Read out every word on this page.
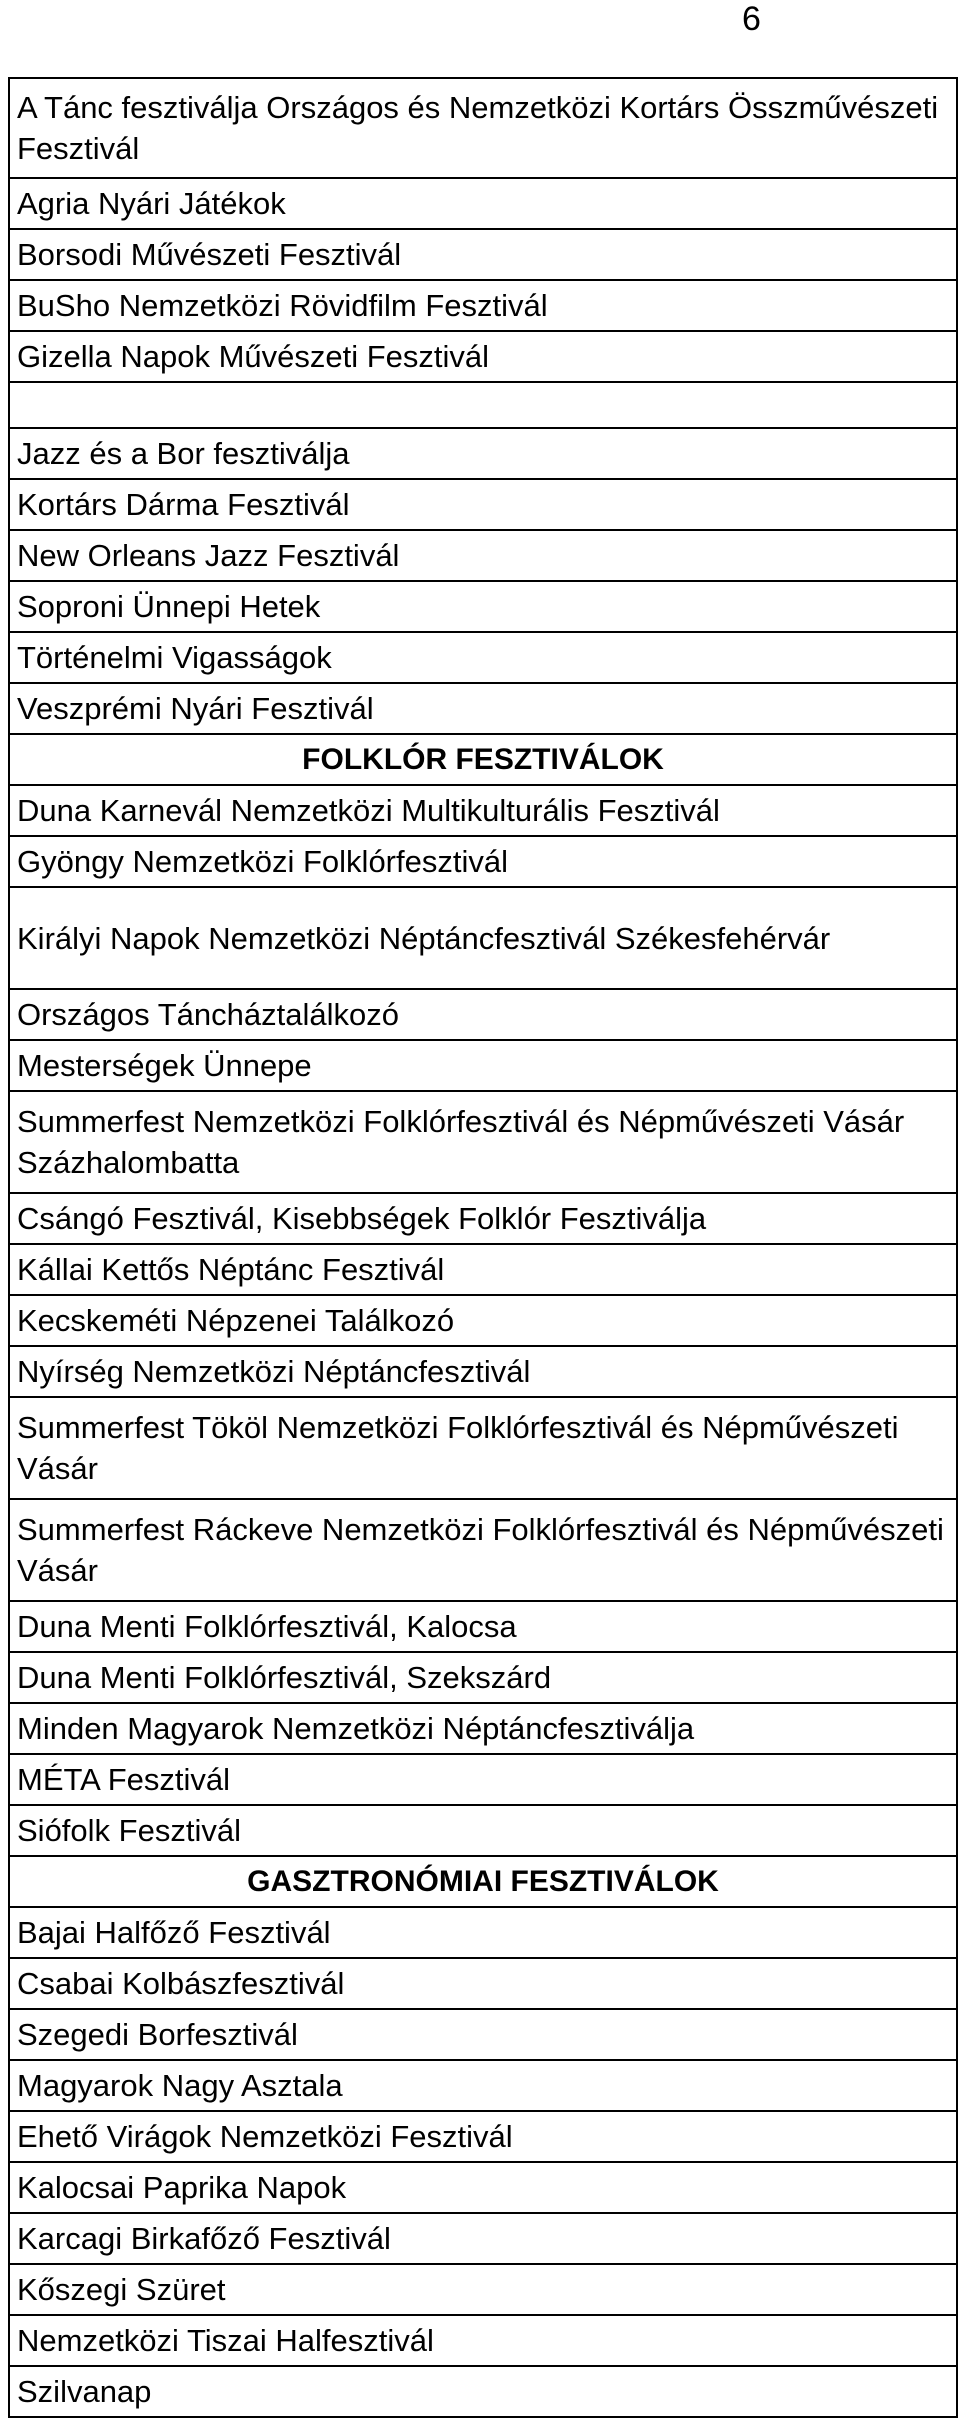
6
A Tánc fesztiválja Országos és Nemzetközi Kortárs Összművészeti Fesztivál
Agria Nyári Játékok
Borsodi Művészeti Fesztivál
BuSho Nemzetközi Rövidfilm Fesztivál
Gizella Napok Művészeti Fesztivál

Jazz és a Bor fesztiválja
Kortárs Dárma Fesztivál
New Orleans Jazz Fesztivál
Soproni Ünnepi Hetek
Történelmi Vigasságok
Veszprémi Nyári Fesztivál
FOLKLÓR FESZTIVÁLOK
Duna Karnevál Nemzetközi Multikulturális Fesztivál
Gyöngy Nemzetközi Folklórfesztivál
Királyi Napok Nemzetközi Néptáncfesztivál Székesfehérvár
Országos Táncháztalálkozó
Mesterségek Ünnepe
Summerfest Nemzetközi Folklórfesztivál és Népművészeti Vásár Százhalombatta
Csángó Fesztivál, Kisebbségek Folklór Fesztiválja
Kállai Kettős Néptánc Fesztivál
Kecskeméti Népzenei Találkozó
Nyírség Nemzetközi Néptáncfesztivál
Summerfest Tököl Nemzetközi Folklórfesztivál és Népművészeti Vásár
Summerfest Ráckeve Nemzetközi Folklórfesztivál és Népművészeti Vásár
Duna Menti Folklórfesztivál, Kalocsa
Duna Menti Folklórfesztivál, Szekszárd
Minden Magyarok Nemzetközi Néptáncfesztiválja
MÉTA Fesztivál
Siófolk Fesztivál
GASZTRONÓMIAI FESZTIVÁLOK
Bajai Halfőző Fesztivál
Csabai Kolbászfesztivál
Szegedi Borfesztivál
Magyarok Nagy Asztala
Ehető Virágok Nemzetközi Fesztivál
Kalocsai Paprika Napok
Karcagi Birkafőző Fesztivál
Kőszegi Szüret
Nemzetközi Tiszai Halfesztivál
Szilvanap
